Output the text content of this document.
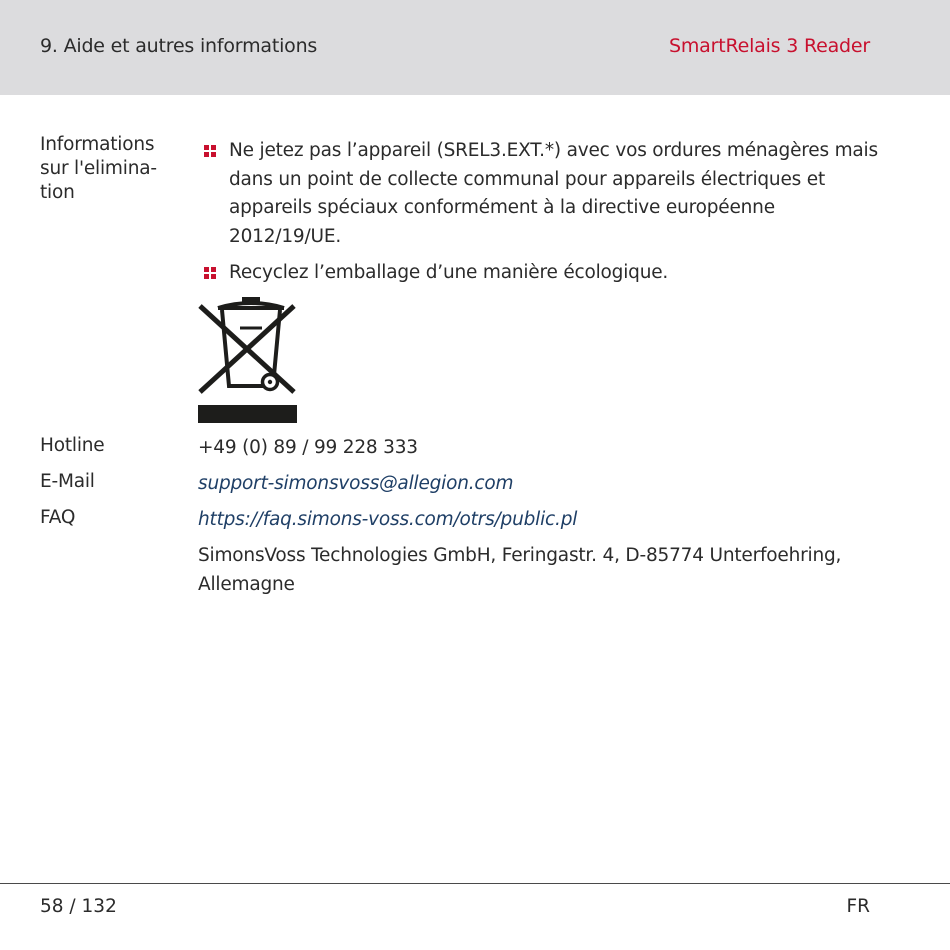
9. Aide et autres informations	SmartRelais 3 Reader
Informations
sur l'elimina-
tion
Ne jetez pas l’appareil (SREL3.EXT.*) avec vos ordures ménagères mais dans un point de collecte communal pour appareils électriques et appareils spéciaux conformément à la directive européenne 2012/19/UE.
Recyclez l’emballage d’une manière écologique.
Hotline	+49 (0) 89 / 99 228 333
E-Mail	support-simonsvoss@allegion.com
FAQ	https://faq.simons-voss.com/otrs/public.pl
SimonsVoss Technologies GmbH, Feringastr. 4, D-85774 Unterfoehring,
Allemagne
58 / 132	FR
